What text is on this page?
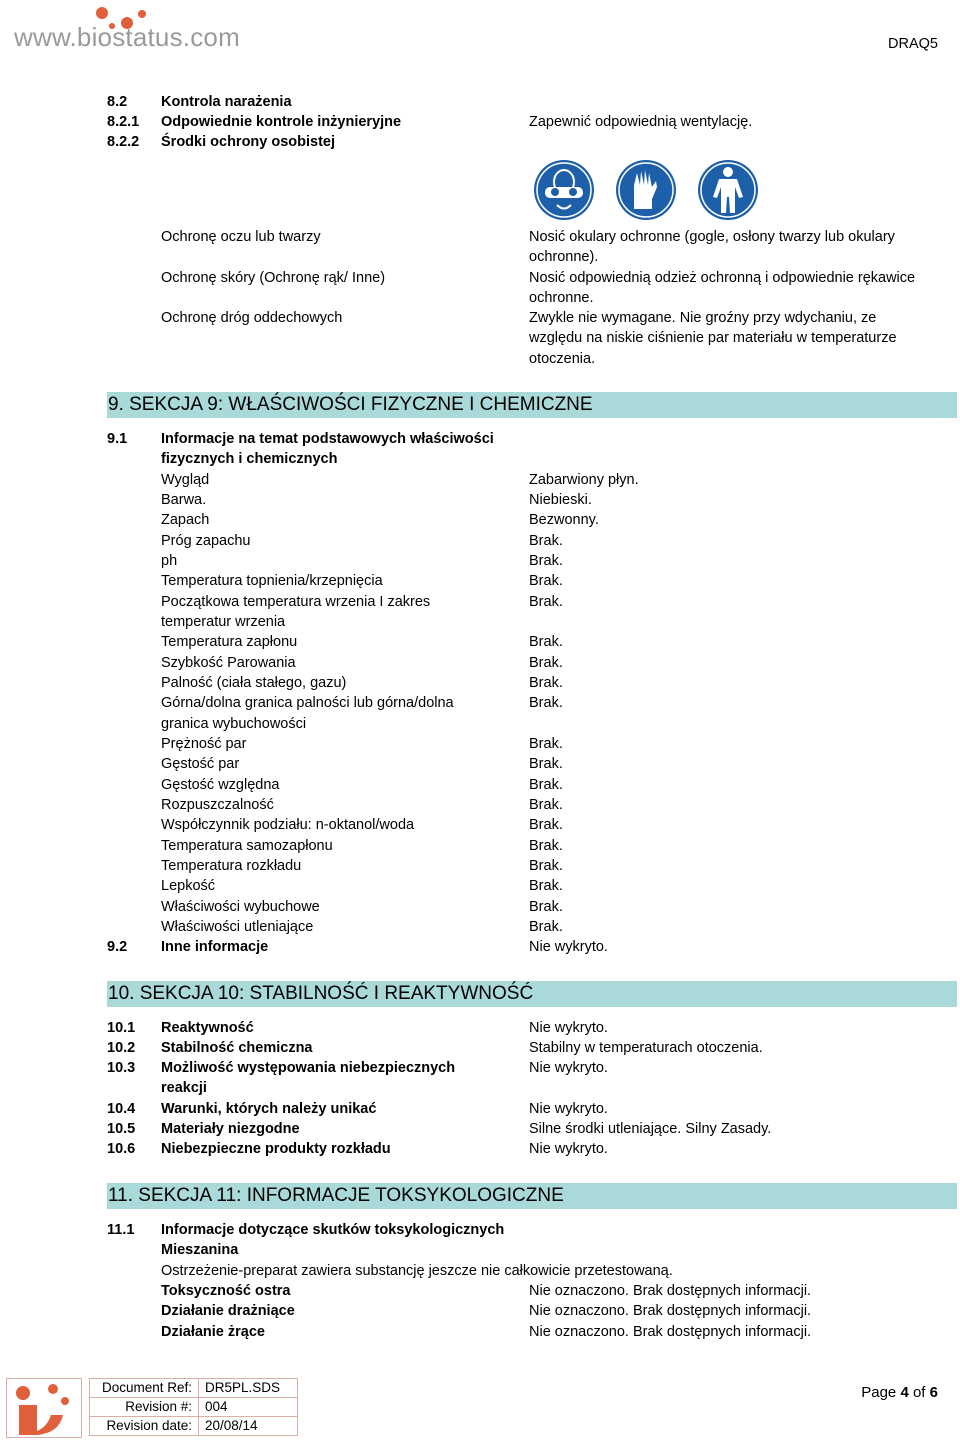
www.biostatus.com	DRAQ5
8.2 Kontrola narażenia
8.2.1 Odpowiednie kontrole inżynieryjne	Zapewnić odpowiednią wentylację.
8.2.2 Środki ochrony osobistej
Ochronę oczu lub twarzy	Nosić okulary ochronne (gogle, osłony twarzy lub okulary
ochronne).
Ochronę skóry (Ochronę rąk/ Inne)	Nosić odpowiednią odzież ochronną i odpowiednie rękawice
ochronne.
Ochronę dróg oddechowych	Zwykle nie wymagane. Nie groźny przy wdychaniu, ze
względu na niskie ciśnienie par materiału w temperaturze
otoczenia.
9. SEKCJA 9: WŁAŚCIWOŚCI FIZYCZNE I CHEMICZNE
9.1 Informacje na temat podstawowych właściwości
fizycznych i chemicznych
Wygląd	Zabarwiony płyn.
Barwa.	Niebieski.
Zapach	Bezwonny.
Próg zapachu	Brak.
ph	Brak.
Temperatura topnienia/krzepnięcia	Brak.
Początkowa temperatura wrzenia I zakres	Brak.
temperatur wrzenia
Temperatura zapłonu	Brak.
Szybkość Parowania	Brak.
Palność (ciała stałego, gazu)	Brak.
Górna/dolna granica palności lub górna/dolna	Brak.
granica wybuchowości
Prężność par	Brak.
Gęstość par	Brak.
Gęstość względna	Brak.
Rozpuszczalność	Brak.
Współczynnik podziału: n-oktanol/woda	Brak.
Temperatura samozapłonu	Brak.
Temperatura rozkładu	Brak.
Lepkość	Brak.
Właściwości wybuchowe	Brak.
Właściwości utleniające	Brak.
9.2 Inne informacje	Nie wykryto.
10. SEKCJA 10: STABILNOŚĆ I REAKTYWNOŚĆ
10.1 Reaktywność	Nie wykryto.
10.2 Stabilność chemiczna	Stabilny w temperaturach otoczenia.
10.3 Możliwość występowania niebezpiecznych	Nie wykryto.
reakcji
10.4 Warunki, których należy unikać	Nie wykryto.
10.5 Materiały niezgodne	Silne środki utleniające. Silny Zasady.
10.6 Niebezpieczne produkty rozkładu	Nie wykryto.
11. SEKCJA 11: INFORMACJE TOKSYKOLOGICZNE
11.1 Informacje dotyczące skutków toksykologicznych
Mieszanina
Ostrzeżenie-preparat zawiera substancję jeszcze nie całkowicie przetestowaną.
Toksyczność ostra	Nie oznaczono. Brak dostępnych informacji.
Działanie drażniące	Nie oznaczono. Brak dostępnych informacji.
Działanie żrące	Nie oznaczono. Brak dostępnych informacji.
Document Ref:	DR5PL.SDS
Revision #:	004
Revision date:	20/08/14
Page 4 of 6
